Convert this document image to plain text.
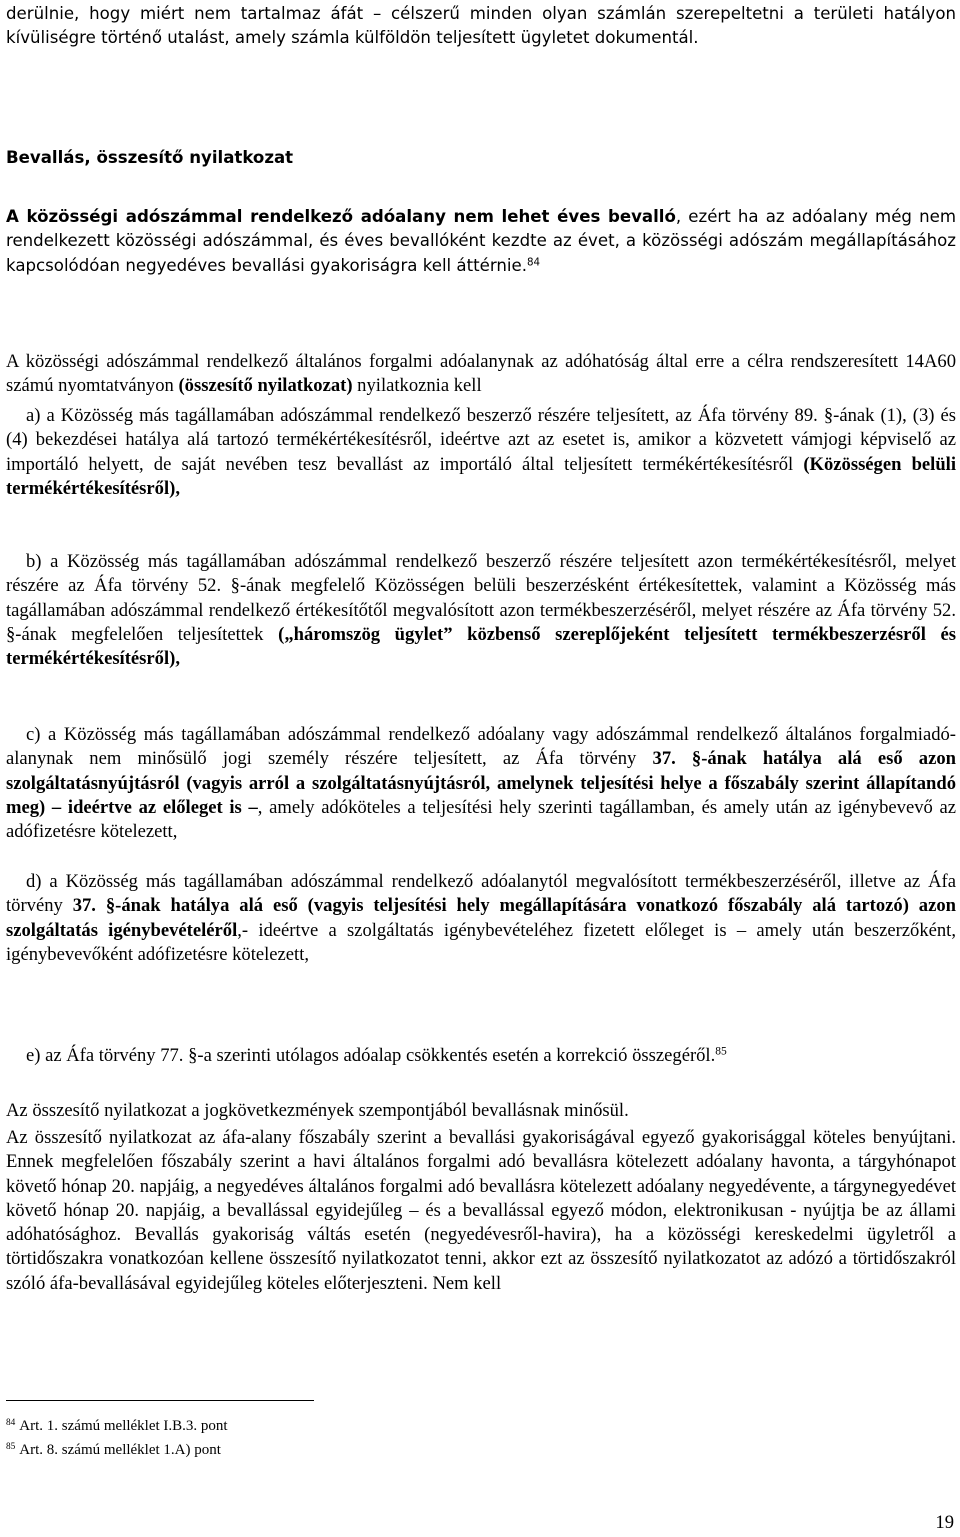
derülnie, hogy miért nem tartalmaz áfát – célszerű minden olyan számlán szerepeltetni a területi hatályon kívüliségre történő utalást, amely számla külföldön teljesített ügyletet dokumentál.

Bevallás, összesítő nyilatkozat

A közösségi adószámmal rendelkező adóalany nem lehet éves bevalló, ezért ha az adóalany még nem rendelkezett közösségi adószámmal, és éves bevallóként kezdte az évet, a közösségi adószám megállapításához kapcsolódóan negyedéves bevallási gyakoriságra kell áttérnie.$^{84}$

A közösségi adószámmal rendelkező általános forgalmi adóalanynak az adóhatóság által erre a célra rendszeresített 14A60 számú nyomtatványon (összesítő nyilatkozat) nyilatkoznia kell

a) a Közösség más tagállamában adószámmal rendelkező beszerző részére teljesített, az Áfa törvény 89. §-ának (1), (3) és (4) bekezdései hatálya alá tartozó termékértékesítésről, ideértve azt az esetet is, amikor a közvetett vámjogi képviselő az importáló helyett, de saját nevében tesz bevallást az importáló által teljesített termékértékesítésről (Közösségen belüli termékértékesítésről),

b) a Közösség más tagállamában adószámmal rendelkező beszerző részére teljesített azon termékértékesítésről, melyet részére az Áfa törvény 52. §-ának megfelelő Közösségen belüli beszerzésként értékesítettek, valamint a Közösség más tagállamában adószámmal rendelkező értékesítőtől megvalósított azon termékbeszerzéséről, melyet részére az Áfa törvény 52. §-ának megfelelően teljesítettek („háromszög ügylet” közbenső szereplőjeként teljesített termékbeszerzésről és termékértékesítésről),

c) a Közösség más tagállamában adószámmal rendelkező adóalany vagy adószámmal rendelkező általános forgalmiadó-alanynak nem minősülő jogi személy részére teljesített, az Áfa törvény 37. §-ának hatálya alá eső azon szolgáltatásnyújtásról (vagyis arról a szolgáltatásnyújtásról, amelynek teljesítési helye a főszabály szerint állapítandó meg) – ideértve az előleget is –, amely adóköteles a teljesítési hely szerinti tagállamban, és amely után az igénybevevő az adófizetésre kötelezett,

d) a Közösség más tagállamában adószámmal rendelkező adóalanytól megvalósított termékbeszerzéséről, illetve az Áfa törvény 37. §-ának hatálya alá eső (vagyis teljesítési hely megállapítására vonatkozó főszabály alá tartozó) azon szolgáltatás igénybevételéről,- ideértve a szolgáltatás igénybevételéhez fizetett előleget is – amely után beszerzőként, igénybevevőként adófizetésre kötelezett,

e) az Áfa törvény 77. §-a szerinti utólagos adóalap csökkentés esetén a korrekció összegéről.$^{85}$

Az összesítő nyilatkozat a jogkövetkezmények szempontjából bevallásnak minősül.

Az összesítő nyilatkozat az áfa-alany főszabály szerint a bevallási gyakoriságával egyező gyakorisággal köteles benyújtani. Ennek megfelelően főszabály szerint a havi általános forgalmi adó bevallásra kötelezett adóalany havonta, a tárgyhónapot követő hónap 20. napjáig, a negyedéves általános forgalmi adó bevallásra kötelezett adóalany negyedévente, a tárgynegyedévet követő hónap 20. napjáig, a bevallással egyidejűleg – és a bevallással egyező módon, elektronikusan - nyújtja be az állami adóhatósághoz. Bevallás gyakoriság váltás esetén (negyedévesről-havira), ha a közösségi kereskedelmi ügyletről a törtidőszakra vonatkozóan kellene összesítő nyilatkozatot tenni, akkor ezt az összesítő nyilatkozatot az adózó a törtidőszakról szóló áfa-bevallásával egyidejűleg köteles előterjeszteni. Nem kell

$^{84}$ Art. 1. számú melléklet I.B.3. pont
$^{85}$ Art. 8. számú melléklet 1.A) pont
19
